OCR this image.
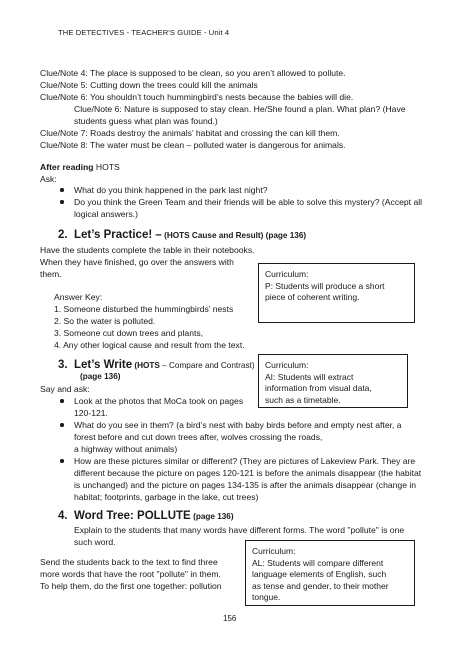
THE DETECTIVES - TEACHER'S GUIDE - Unit 4
Clue/Note 4: The place is supposed to be clean, so you aren’t allowed to pollute.
Clue/Note 5: Cutting down the trees could kill the animals
Clue/Note 6: You shouldn’t touch hummingbird’s nests because the babies will die.
Clue/Note 6: Nature is supposed to stay clean. He/She found a plan. What plan? (Have
students guess what plan was found.)
Clue/Note 7: Roads destroy the animals’ habitat and crossing the can kill them.
Clue/Note 8: The water must be clean – polluted water is dangerous for animals.
After reading HOTS
Ask:
What do you think happened in the park last night?
Do you think the Green Team and their friends will be able to solve this mystery? (Accept all
logical answers.)
2. Let’s Practice! – (HOTS Cause and Result) (page 136)
Have the students complete the table in their notebooks.
When they have finished, go over the answers with
them.	Curriculum:
P: Students will produce a short
piece of coherent writing.
Answer Key:
1. Someone disturbed the hummingbirds’ nests
2. So the water is polluted.
3. Someone cut down trees and plants,
4. Any other logical cause and result from the text.
3. Let’s Write (HOTS – Compare and Contrast)
(page 136)
Curriculum:
AI: Students will extract
information from visual data,
such as a timetable.
Say and ask:
Look at the photos that MoCa took on pages
120-121.
What do you see in them? (a bird’s nest with baby birds before and empty nest after, a
forest before and cut down trees after, wolves crossing the roads,
a highway without animals)
How are these pictures similar or different? (They are pictures of Lakeview Park. They are
different because the picture on pages 120-121 is before the animals disappear (the habitat
is unchanged) and the picture on pages 134-135 is after the animals disappear (change in
habitat; footprints, garbage in the lake, cut trees)
4. Word Tree: POLLUTE (page 136)
Explain to the students that many words have different forms. The word "pollute" is one
such word.
Curriculum:
AL: Students will compare different
language elements of English, such
as tense and gender, to their mother
tongue.
Send the students back to the text to find three
more words that have the root "pollute" in them.
To help them, do the first one together: pollution
156
